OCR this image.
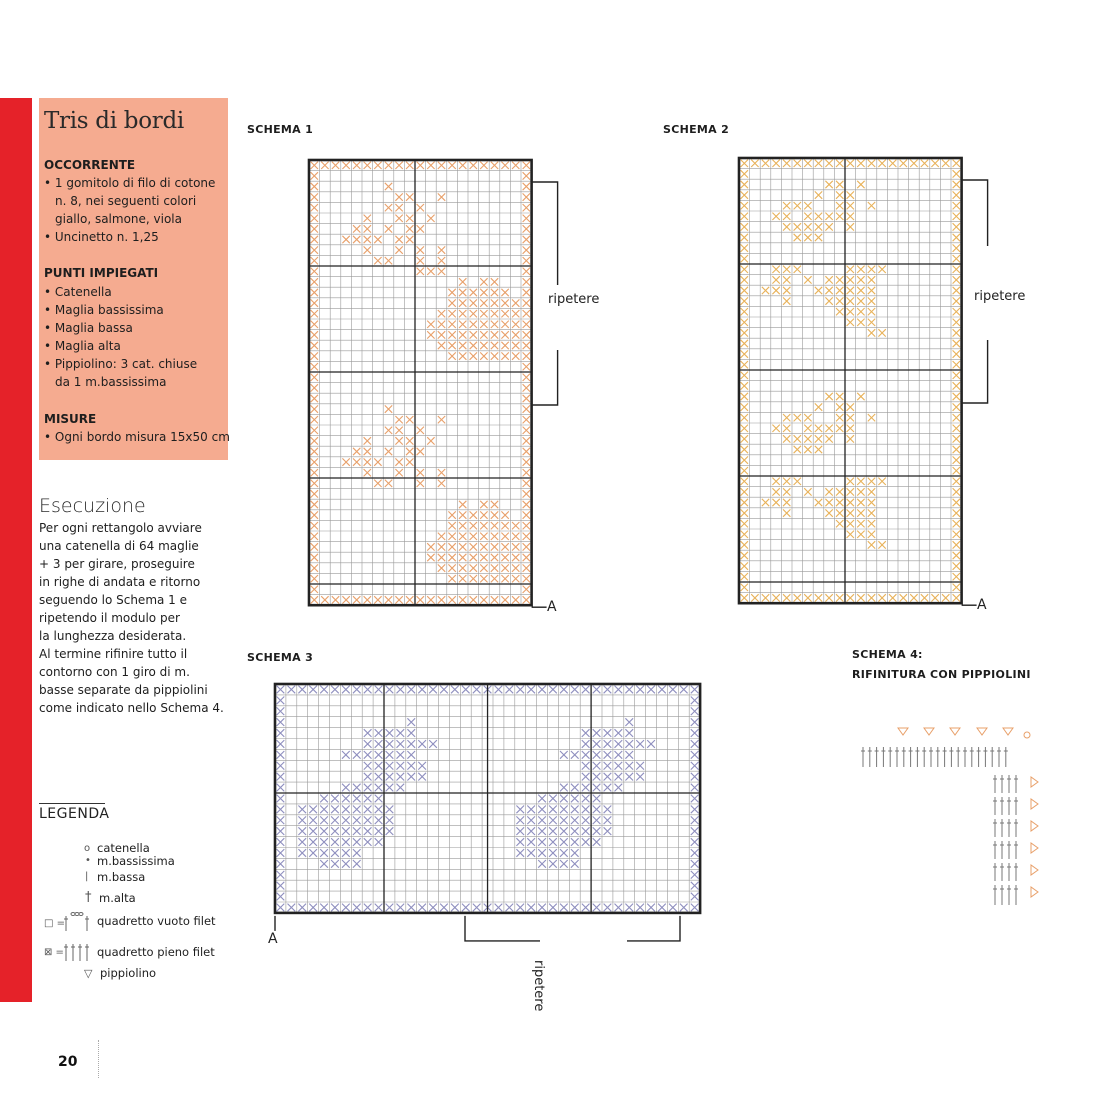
Tris di bordi
OCCORRENTE
• 1 gomitolo di filo di cotone
n. 8, nei seguenti colori
giallo, salmone, viola
• Uncinetto n. 1,25
PUNTI IMPIEGATI
• Catenella
• Maglia bassissima
• Maglia bassa
• Maglia alta
• Pippiolino: 3 cat. chiuse
da 1 m.bassissima
MISURE
• Ogni bordo misura 15x50 cm
Esecuzione
Per ogni rettangolo avviare
una catenella di 64 maglie
+ 3 per girare, proseguire
in righe di andata e ritorno
seguendo lo Schema 1 e
ripetendo il modulo per
la lunghezza desiderata.
Al termine rifinire tutto il
contorno con 1 giro di m.
basse separate da pippiolini
come indicato nello Schema 4.
LEGENDA
o catenella
• m.bassissima
| m.bassa
† m.alta
□ =	quadretto vuoto filet
⊠ =	quadretto pieno filet
▽ pippiolino
SCHEMA 1	SCHEMA 2
SCHEMA 3	SCHEMA 4:
RIFINITURA CON PIPPIOLINI
ripetere	ripetere
ripetere
A	A
A
20
